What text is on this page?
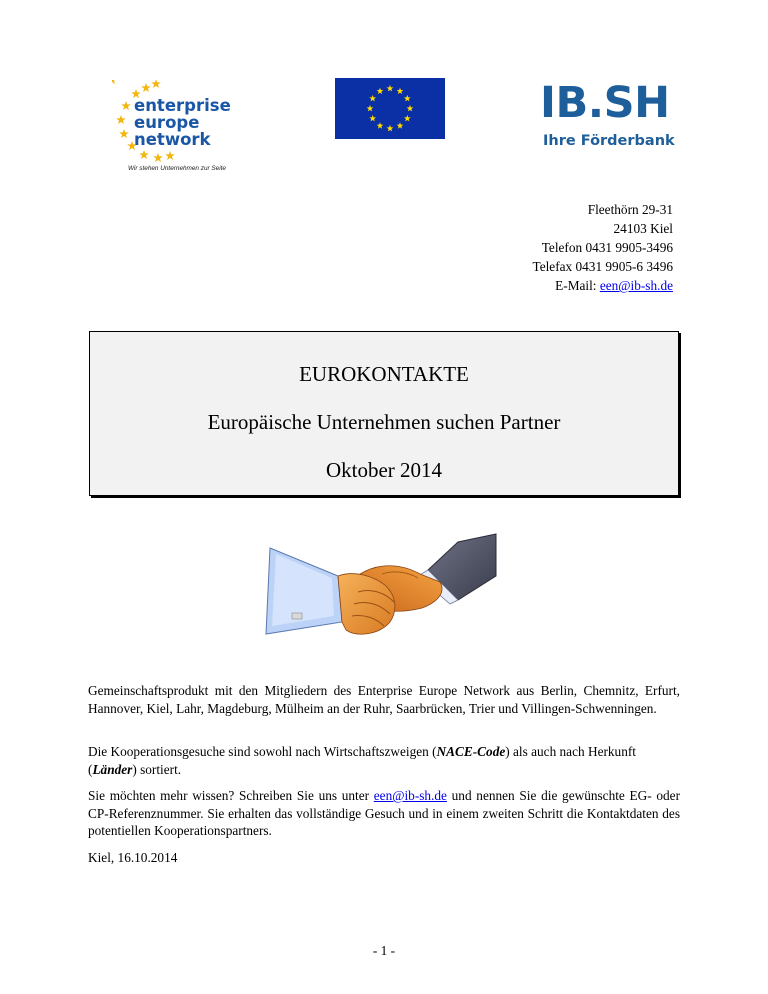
enterprise
europe
network
Wir stehen Unternehmen zur Seite
IB.SH
Ihre Förderbank
Fleethörn 29-31
24103 Kiel
Telefon 0431 9905-3496
Telefax 0431 9905-6 3496
E-Mail: een@ib-sh.de
EUROKONTAKTE
Europäische Unternehmen suchen Partner
Oktober 2014
Gemeinschaftsprodukt mit den Mitgliedern des Enterprise Europe Network aus Berlin, Chemnitz, Erfurt, Hannover, Kiel, Lahr, Magdeburg, Mülheim an der Ruhr, Saarbrücken, Trier und Villingen-Schwenningen.
Die Kooperationsgesuche sind sowohl nach Wirtschaftszweigen (NACE-Code) als auch nach Herkunft (Länder) sortiert.
Sie möchten mehr wissen? Schreiben Sie uns unter een@ib-sh.de und nennen Sie die gewünschte EG- oder CP-Referenznummer. Sie erhalten das vollständige Gesuch und in einem zweiten Schritt die Kontaktdaten des potentiellen Kooperationspartners.
Kiel, 16.10.2014
- 1 -
